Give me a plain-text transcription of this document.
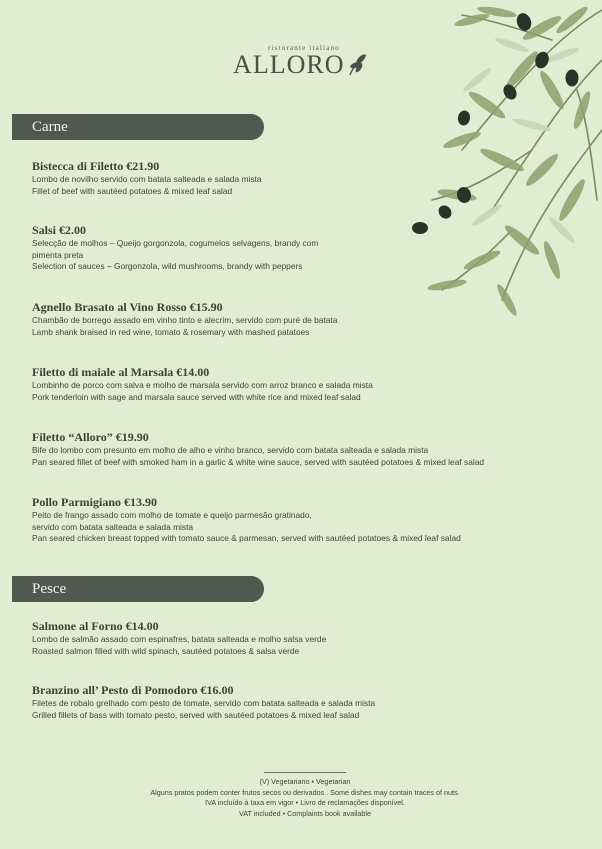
ristorante italiano
ALLORO
Carne
Bistecca di Filetto €21.90
Lombo de novilho servido com batata salteada e salada mista
Fillet of beef with sautéed potatoes & mixed leaf salad
Salsi €2.00
Selecção de molhos – Queijo gorgonzola, cogumelos selvagens, brandy com
pimenta preta
Selection of sauces – Gorgonzola, wild mushrooms, brandy with peppers
Agnello Brasato al Vino Rosso €15.90
Chambão de borrego assado em vinho tinto e alecrim, servido com puré de batata
Lamb shank braised in red wine, tomato & rosemary with mashed patatoes
Filetto di maiale al Marsala €14.00
Lombinho de porco com salva e molho de marsala servido com arroz branco e salada mista
Pork tenderloin with sage and marsala sauce served with white rice and mixed leaf salad
Filetto “Alloro” €19.90
Bife do lombo com presunto em molho de alho e vinho branco, servido com batata salteada e salada mista
Pan seared fillet of beef with smoked ham in a garlic & white wine sauce, served with sautéed potatoes & mixed leaf salad
Pollo Parmigiano €13.90
Peito de frango assado com molho de tomate e queijo parmesão gratinado,
servido com batata salteada e salada mista
Pan seared chicken breast topped with tomato sauce & parmesan, served with sautéed potatoes & mixed leaf salad
Pesce
Salmone al Forno €14.00
Lombo de salmão assado com espinafres, batata salteada e molho salsa verde
Roasted salmon filled with wild spinach, sautéed potatoes & salsa verde
Branzino all’ Pesto di Pomodoro €16.00
Filetes de robalo grelhado com pesto de tomate, servido com batata salteada e salada mista
Grilled fillets of bass with tomato pesto, served with sautéed potatoes & mixed leaf salad
(V) Vegetariano • Vegetarian
Alguns pratos podem conter frutos secos ou derivados . Some dishes may contain traces of nuts.
IVA incluído à taxa em vigor • Livro de reclamações disponível.
VAT included • Complaints book available
